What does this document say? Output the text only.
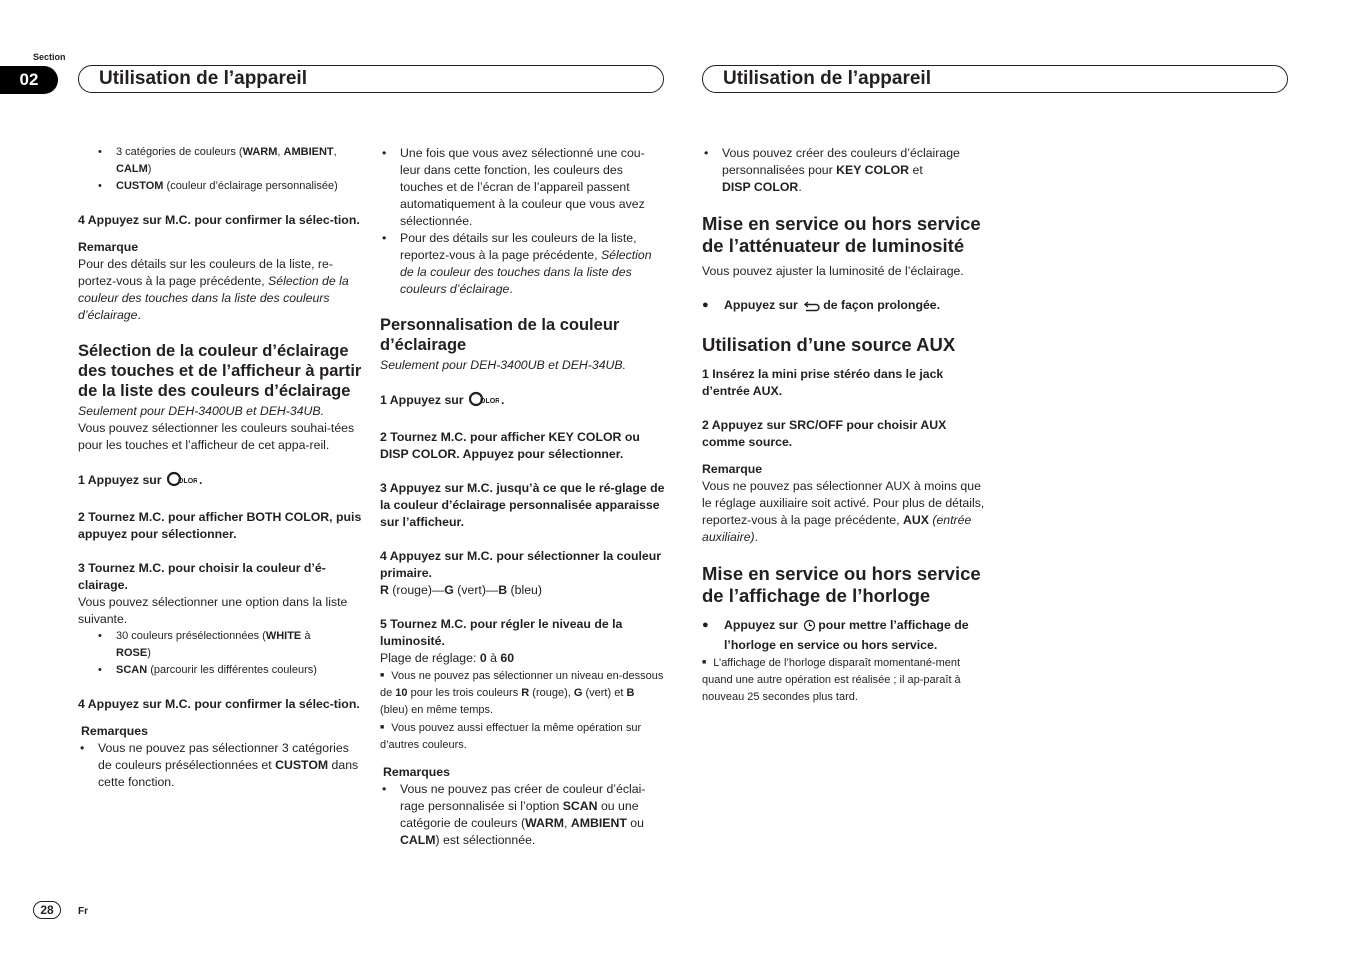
Section
02	Utilisation de l’appareil	Utilisation de l’appareil
• 3 catégories de couleurs (WARM, AMBIENT,
CALM)
• CUSTOM (couleur d’éclairage personnalisée)

4 Appuyez sur M.C. pour confirmer la sélec-tion.

Remarque

Pour des détails sur les couleurs de la liste, re-portez-vous à la page précédente, Sélection de la couleur des touches dans la liste des couleurs d’éclairage.

Sélection de la couleur d’éclairage des touches et de l’afficheur à partir de la liste des couleurs d’éclairage

Seulement pour DEH-3400UB et DEH-34UB.

Vous pouvez sélectionner les couleurs souhai-tées pour les touches et l’afficheur de cet appa-reil.

1 Appuyez sur OLOR .

2 Tournez M.C. pour afficher BOTH COLOR, puis appuyez pour sélectionner.

3 Tournez M.C. pour choisir la couleur d’é-clairage.

Vous pouvez sélectionner une option dans la liste suivante.

• 30 couleurs présélectionnées (WHITE à
ROSE)
• SCAN (parcourir les différentes couleurs)

4 Appuyez sur M.C. pour confirmer la sélec-tion.

Remarques

• Vous ne pouvez pas sélectionner 3 catégories de couleurs présélectionnées et CUSTOM dans cette fonction.
• Une fois que vous avez sélectionné une cou-leur dans cette fonction, les couleurs des touches et de l’écran de l’appareil passent automatiquement à la couleur que vous avez sélectionnée.
• Pour des détails sur les couleurs de la liste, reportez-vous à la page précédente, Sélection de la couleur des touches dans la liste des couleurs d’éclairage.
Personnalisation de la couleur d’éclairage

Seulement pour DEH-3400UB et DEH-34UB.

1 Appuyez sur OLOR .

2 Tournez M.C. pour afficher KEY COLOR ou DISP COLOR. Appuyez pour sélectionner.

3 Appuyez sur M.C. jusqu’à ce que le ré-glage de la couleur d’éclairage personnalisée apparaisse sur l’afficheur.

4 Appuyez sur M.C. pour sélectionner la couleur primaire.

R (rouge)—G (vert)—B (bleu)

5 Tournez M.C. pour régler le niveau de la luminosité.

Plage de réglage: 0 à 60

■ Vous ne pouvez pas sélectionner un niveau en-dessous de 10 pour les trois couleurs R (rouge), G (vert) et B (bleu) en même temps.

■ Vous pouvez aussi effectuer la même opération sur d’autres couleurs.

Remarques

• Vous ne pouvez pas créer de couleur d’éclai-rage personnalisée si l’option SCAN ou une catégorie de couleurs (WARM, AMBIENT ou CALM) est sélectionnée.
• Vous pouvez créer des couleurs d’éclairage personnalisées pour KEY COLOR et
DISP COLOR.
Mise en service ou hors service de l’atténuateur de luminosité

Vous pouvez ajuster la luminosité de l’éclairage.

● Appuyez sur de façon prolongée.

Utilisation d’une source AUX

1 Insérez la mini prise stéréo dans le jack d’entrée AUX.

2 Appuyez sur SRC/OFF pour choisir AUX comme source.

Remarque

Vous ne pouvez pas sélectionner AUX à moins que le réglage auxiliaire soit activé. Pour plus de détails, reportez-vous à la page précédente, AUX (entrée auxiliaire).

Mise en service ou hors service de l’affichage de l’horloge

● Appuyez sur pour mettre l’affichage de l’horloge en service ou hors service.

■ L’affichage de l’horloge disparaît momentané-ment quand une autre opération est réalisée ; il ap-paraît à nouveau 25 secondes plus tard.

28	Fr
